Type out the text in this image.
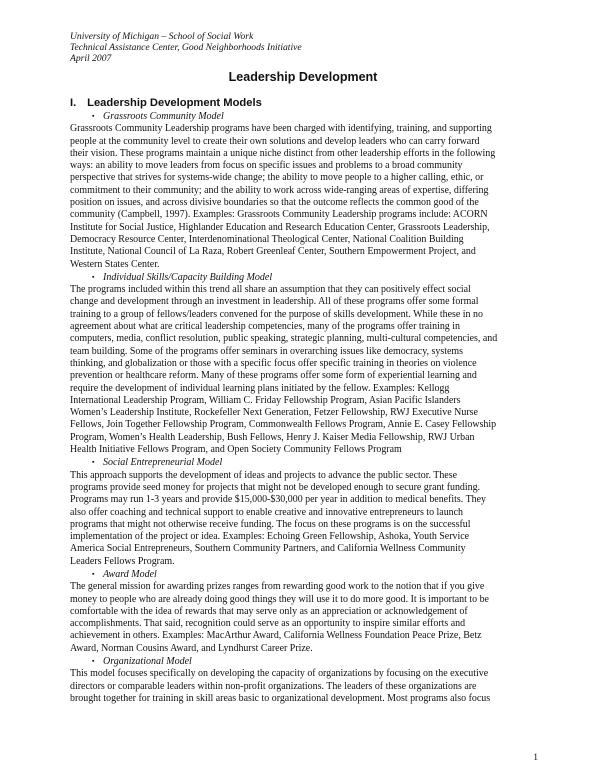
University of Michigan – School of Social Work
Technical Assistance Center, Good Neighborhoods Initiative
April 2007
Leadership Development
I. Leadership Development Models
▪ Grassroots Community Model
Grassroots Community Leadership programs have been charged with identifying, training, and supporting
people at the community level to create their own solutions and develop leaders who can carry forward
their vision. These programs maintain a unique niche distinct from other leadership efforts in the following
ways: an ability to move leaders from focus on specific issues and problems to a broad community
perspective that strives for systems-wide change; the ability to move people to a higher calling, ethic, or
commitment to their community; and the ability to work across wide-ranging areas of expertise, differing
position on issues, and across divisive boundaries so that the outcome reflects the common good of the
community (Campbell, 1997). Examples: Grassroots Community Leadership programs include: ACORN
Institute for Social Justice, Highlander Education and Research Education Center, Grassroots Leadership,
Democracy Resource Center, Interdenominational Theological Center, National Coalition Building
Institute, National Council of La Raza, Robert Greenleaf Center, Southern Empowerment Project, and
Western States Center.
▪ Individual Skills/Capacity Building Model
The programs included within this trend all share an assumption that they can positively effect social
change and development through an investment in leadership. All of these programs offer some formal
training to a group of fellows/leaders convened for the purpose of skills development. While these in no
agreement about what are critical leadership competencies, many of the programs offer training in
computers, media, conflict resolution, public speaking, strategic planning, multi-cultural competencies, and
team building. Some of the programs offer seminars in overarching issues like democracy, systems
thinking, and globalization or those with a specific focus offer specific training in theories on violence
prevention or healthcare reform. Many of these programs offer some form of experiential learning and
require the development of individual learning plans initiated by the fellow. Examples: Kellogg
International Leadership Program, William C. Friday Fellowship Program, Asian Pacific Islanders
Women’s Leadership Institute, Rockefeller Next Generation, Fetzer Fellowship, RWJ Executive Nurse
Fellows, Join Together Fellowship Program, Commonwealth Fellows Program, Annie E. Casey Fellowship
Program, Women’s Health Leadership, Bush Fellows, Henry J. Kaiser Media Fellowship, RWJ Urban
Health Initiative Fellows Program, and Open Society Community Fellows Program
▪ Social Entrepreneurial Model
This approach supports the development of ideas and projects to advance the public sector. These
programs provide seed money for projects that might not be developed enough to secure grant funding.
Programs may run 1-3 years and provide $15,000-$30,000 per year in addition to medical benefits. They
also offer coaching and technical support to enable creative and innovative entrepreneurs to launch
programs that might not otherwise receive funding. The focus on these programs is on the successful
implementation of the project or idea. Examples: Echoing Green Fellowship, Ashoka, Youth Service
America Social Entrepreneurs, Southern Community Partners, and California Wellness Community
Leaders Fellows Program.
▪ Award Model
The general mission for awarding prizes ranges from rewarding good work to the notion that if you give
money to people who are already doing good things they will use it to do more good. It is important to be
comfortable with the idea of rewards that may serve only as an appreciation or acknowledgement of
accomplishments. That said, recognition could serve as an opportunity to inspire similar efforts and
achievement in others. Examples: MacArthur Award, California Wellness Foundation Peace Prize, Betz
Award, Norman Cousins Award, and Lyndhurst Career Prize.
▪ Organizational Model
This model focuses specifically on developing the capacity of organizations by focusing on the executive
directors or comparable leaders within non-profit organizations. The leaders of these organizations are
brought together for training in skill areas basic to organizational development. Most programs also focus
1
